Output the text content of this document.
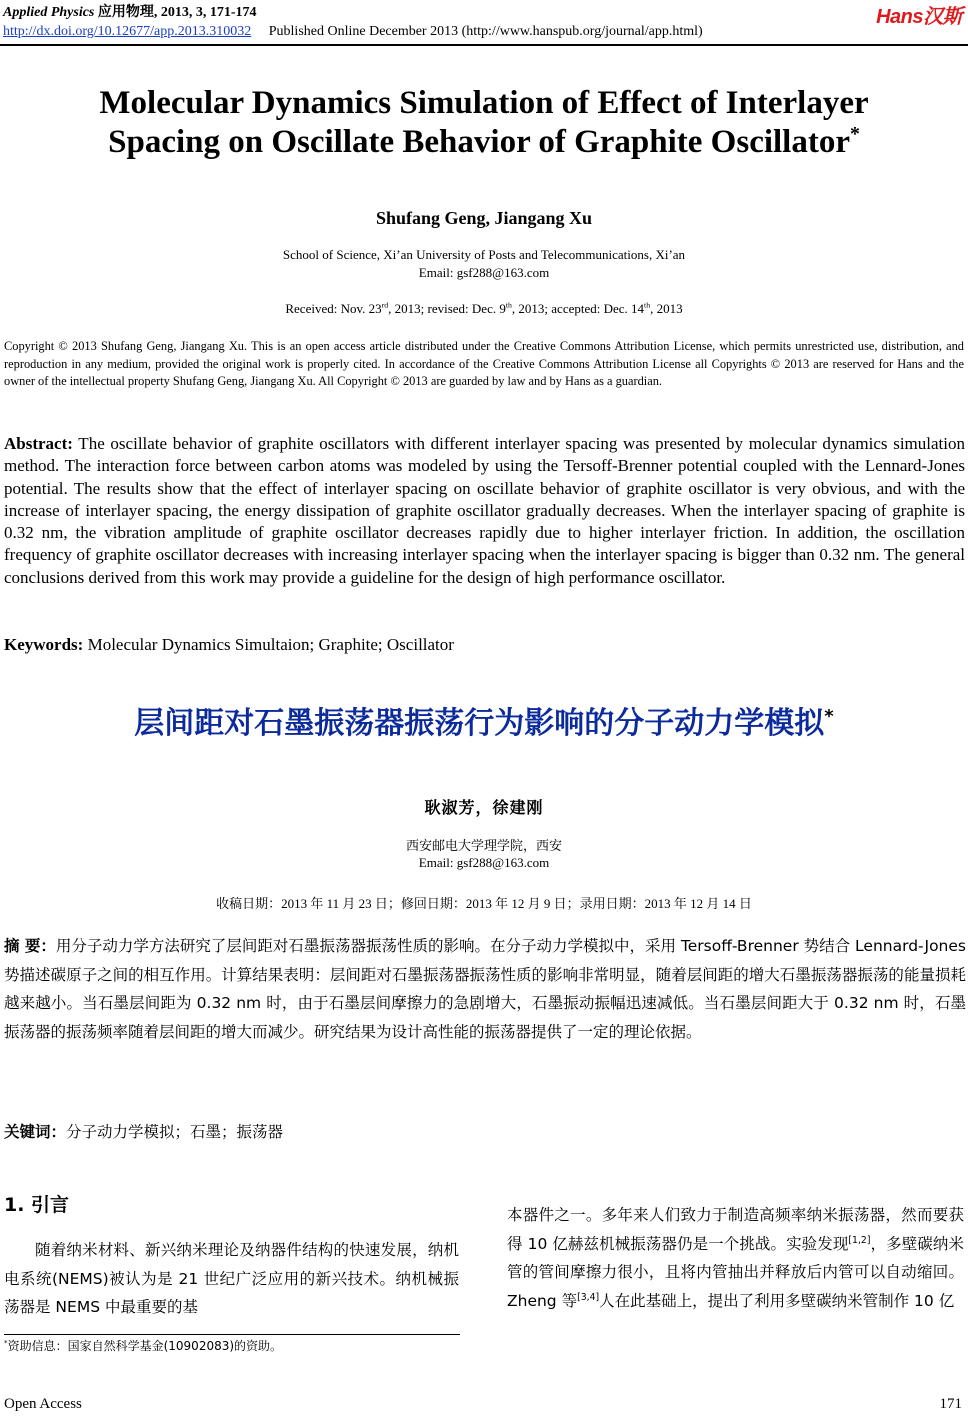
Applied Physics 应用物理, 2013, 3, 171-174
http://dx.doi.org/10.12677/app.2013.310032 Published Online December 2013 (http://www.hanspub.org/journal/app.html)
Hans汉斯
Molecular Dynamics Simulation of Effect of Interlayer
Spacing on Oscillate Behavior of Graphite Oscillator*
Shufang Geng, Jiangang Xu
School of Science, Xi’an University of Posts and Telecommunications, Xi’an
Email: gsf288@163.com
Received: Nov. 23rd, 2013; revised: Dec. 9th, 2013; accepted: Dec. 14th, 2013
Copyright © 2013 Shufang Geng, Jiangang Xu. This is an open access article distributed under the Creative Commons Attribution License, which permits unrestricted use, distribution, and reproduction in any medium, provided the original work is properly cited. In accordance of the Creative Commons Attribution License all Copyrights © 2013 are reserved for Hans and the owner of the intellectual property Shufang Geng, Jiangang Xu. All Copyright © 2013 are guarded by law and by Hans as a guardian.
Abstract: The oscillate behavior of graphite oscillators with different interlayer spacing was presented by molecular dynamics simulation method. The interaction force between carbon atoms was modeled by using the Tersoff-Brenner potential coupled with the Lennard-Jones potential. The results show that the effect of interlayer spacing on oscillate behavior of graphite oscillator is very obvious, and with the increase of interlayer spacing, the energy dissipation of graphite oscillator gradually decreases. When the interlayer spacing of graphite is 0.32 nm, the vibration amplitude of graphite oscillator decreases rapidly due to higher interlayer friction. In addition, the oscillation frequency of graphite oscillator decreases with increasing interlayer spacing when the interlayer spacing is bigger than 0.32 nm. The general conclusions derived from this work may provide a guideline for the design of high performance oscillator.
Keywords: Molecular Dynamics Simultaion; Graphite; Oscillator
层间距对石墨振荡器振荡行为影响的分子动力学模拟*
耿淑芳，徐建刚
西安邮电大学理学院，西安
Email: gsf288@163.com
收稿日期：2013 年 11 月 23 日；修回日期：2013 年 12 月 9 日；录用日期：2013 年 12 月 14 日
摘 要：用分子动力学方法研究了层间距对石墨振荡器振荡性质的影响。在分子动力学模拟中，采用 Tersoff-Brenner 势结合 Lennard-Jones 势描述碳原子之间的相互作用。计算结果表明：层间距对石墨振荡器振荡性质的影响非常明显，随着层间距的增大石墨振荡器振荡的能量损耗越来越小。当石墨层间距为 0.32 nm 时，由于石墨层间摩擦力的急剧增大，石墨振动振幅迅速减低。当石墨层间距大于 0.32 nm 时，石墨振荡器的振荡频率随着层间距的增大而减少。研究结果为设计高性能的振荡器提供了一定的理论依据。
关键词：分子动力学模拟；石墨；振荡器
1. 引言
随着纳米材料、新兴纳米理论及纳器件结构的快速发展，纳机电系统(NEMS)被认为是 21 世纪广泛应用的新兴技术。纳机械振荡器是 NEMS 中最重要的基
本器件之一。多年来人们致力于制造高频率纳米振荡器，然而要获得 10 亿赫兹机械振荡器仍是一个挑战。实验发现[1,2]，多壁碳纳米管的管间摩擦力很小，且将内管抽出并释放后内管可以自动缩回。Zheng 等[3,4]人在此基础上，提出了利用多壁碳纳米管制作 10 亿
*资助信息：国家自然科学基金(10902083)的资助。
Open Access	171
